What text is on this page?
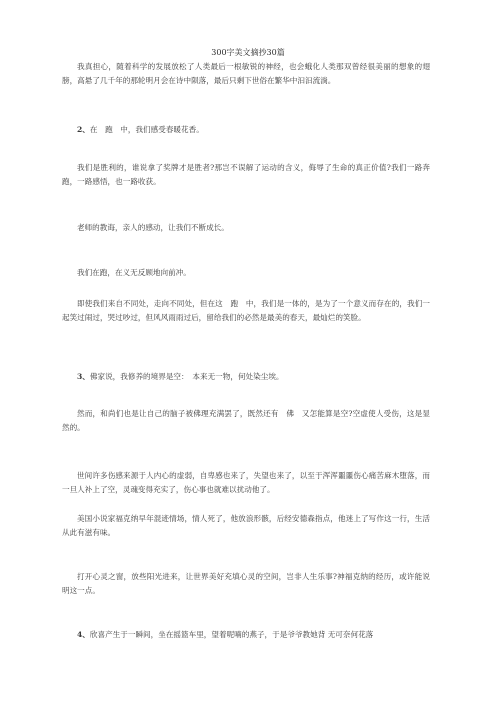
300字美文摘抄30篇

我真担心，随着科学的发展放松了人类最后一根敏锐的神经，也会蛾化人类那双曾经很美丽的想象的翅膀，高悬了几千年的那轮明月会在诗中陨落，最后只剩下世俗在繁华中汩汩流淌。

2、在　跑　中，我们感受春暖花香。

我们是胜利的，谁说拿了奖牌才是胜者?那岂不误解了运动的含义，侮辱了生命的真正价值?我们一路奔跑，一路感悟，也一路收获。

老师的教诲，亲人的感动，让我们不断成长。

我们在跑，在义无反顾地向前冲。

即使我们来自不同处，走向不同处，但在这　跑　中，我们是一体的，是为了一个意义而存在的，我们一起笑过闹过，哭过吵过，但风风雨雨过后，留给我们的必然是最美的春天，最灿烂的笑脸。

3、佛家说，我修养的境界是空：　本来无一物，何处染尘埃。

然而，和尚们也是让自己的脑子被佛理充满罢了，既然还有　佛　又怎能算是空?空虚使人受伤，这是显然的。

世间许多伤感来源于人内心的虚弱，自卑感也来了，失望也来了，以至于浑浑噩噩伤心痛苦麻木堕落，而一旦人补上了空，灵魂变得充实了，伤心事也就难以扰动他了。

美国小说家福克纳早年混迹情场，情人死了，他放浪形骸，后经安德森指点，他迷上了写作这一行，生活从此有滋有味。

打开心灵之窗，放些阳光进来，让世界美好充填心灵的空间，岂非人生乐事?神福克纳的经历，或许能说明这一点。

4、欣喜产生于一瞬间，坐在摇篮车里，望着呢喃的燕子，于是爷爷教她背 无可奈何花落
